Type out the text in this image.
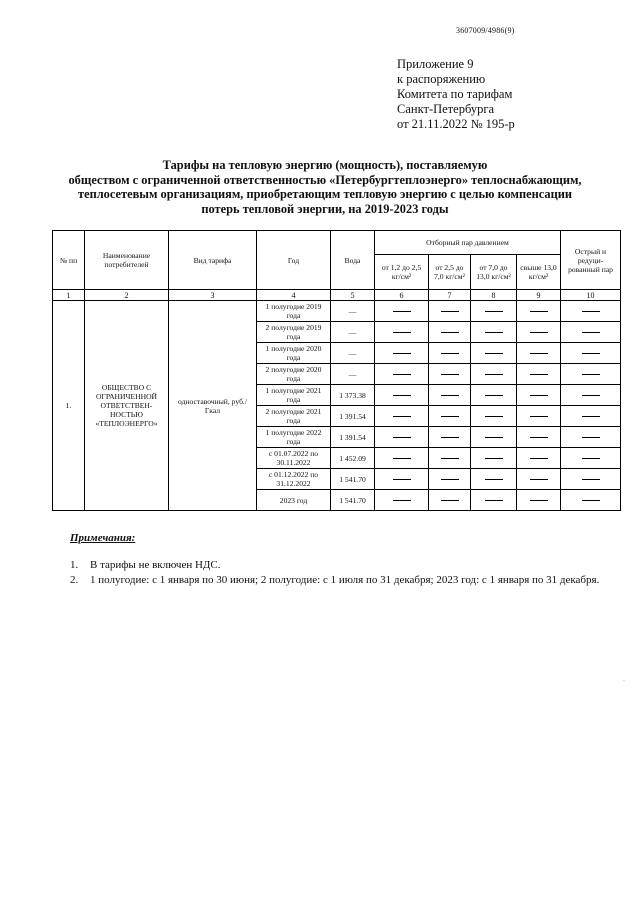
3607009/4986(9)
Приложение 9
к распоряжению
Комитета по тарифам
Санкт-Петербурга
от 21.11.2022 № 195-р
Тарифы на тепловую энергию (мощность), поставляемую
обществом с ограниченной ответственностью «Петербургтеплоэнерго» теплоснабжающим,
теплосетевым организациям, приобретающим тепловую энергию с целью компенсации
потерь тепловой энергии, на 2019-2023 годы
№ пп	Наименование потребителей	Вид тарифа	Год	Вода	Отборный пар давлением				Острый и редуци-рованный пар
					от 1,2 до 2,5 кг/см²	от 2,5 до 7,0 кг/см²	от 7,0 до 13,0 кг/см²	свыше 13,0 кг/см²	
1	2	3	4	5	6	7	8	9	10
1.	ОБЩЕСТВО С ОГРАНИЧЕННОЙ ОТВЕТСТВЕН-НОСТЬЮ «ТЕПЛОЭНЕРГО»	одноставочный, руб./Гкал	1 полугодие 2019 года	—					
			2 полугодие 2019 года	—					
			1 полугодие 2020 года	—					
			2 полугодие 2020 года	—					
			1 полугодие 2021 года	1 373.38					
			2 полугодие 2021 года	1 391.54					
			1 полугодие 2022 года	1 391.54					
			с 01.07.2022 по 30.11.2022	1 452.09					
			с 01.12.2022 по 31.12.2022	1 541.70					
			2023 год	1 541.70					
Примечания:
1. В тарифы не включен НДС.
2. 1 полугодие: с 1 января по 30 июня; 2 полугодие: с 1 июля по 31 декабря; 2023 год: с 1 января по 31 декабря.
·
